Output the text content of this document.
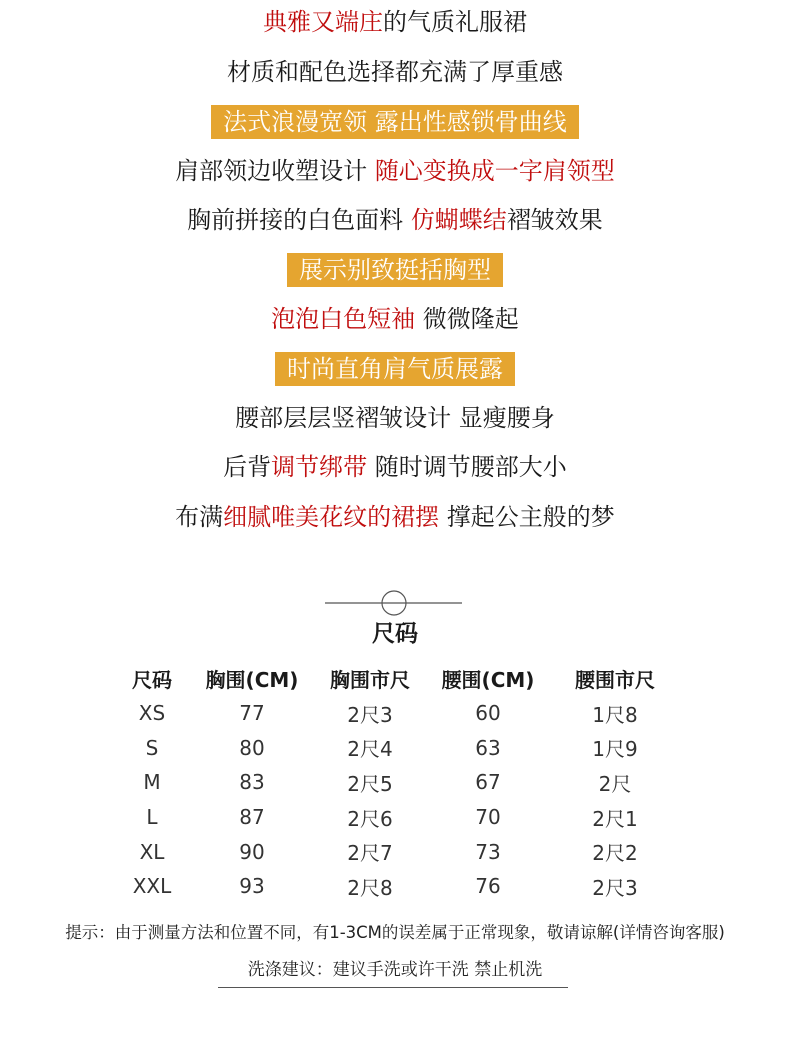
典雅又端庄的气质礼服裙
材质和配色选择都充满了厚重感
法式浪漫宽领 露出性感锁骨曲线
肩部领边收塑设计 随心变换成一字肩领型
胸前拼接的白色面料 仿蝴蝶结褶皱效果
展示别致挺括胸型
泡泡白色短袖 微微隆起
时尚直角肩气质展露
腰部层层竖褶皱设计 显瘦腰身
后背调节绑带 随时调节腰部大小
布满细腻唯美花纹的裙摆 撑起公主般的梦
尺码
尺码	胸围(CM)	胸围市尺	腰围(CM)	腰围市尺
XS	77	2尺3	60	1尺8
S	80	2尺4	63	1尺9
M	83	2尺5	67	2尺
L	87	2尺6	70	2尺1
XL	90	2尺7	73	2尺2
XXL	93	2尺8	76	2尺3
提示：由于测量方法和位置不同，有1-3CM的误差属于正常现象，敬请谅解(详情咨询客服)
洗涤建议：建议手洗或许干洗 禁止机洗
